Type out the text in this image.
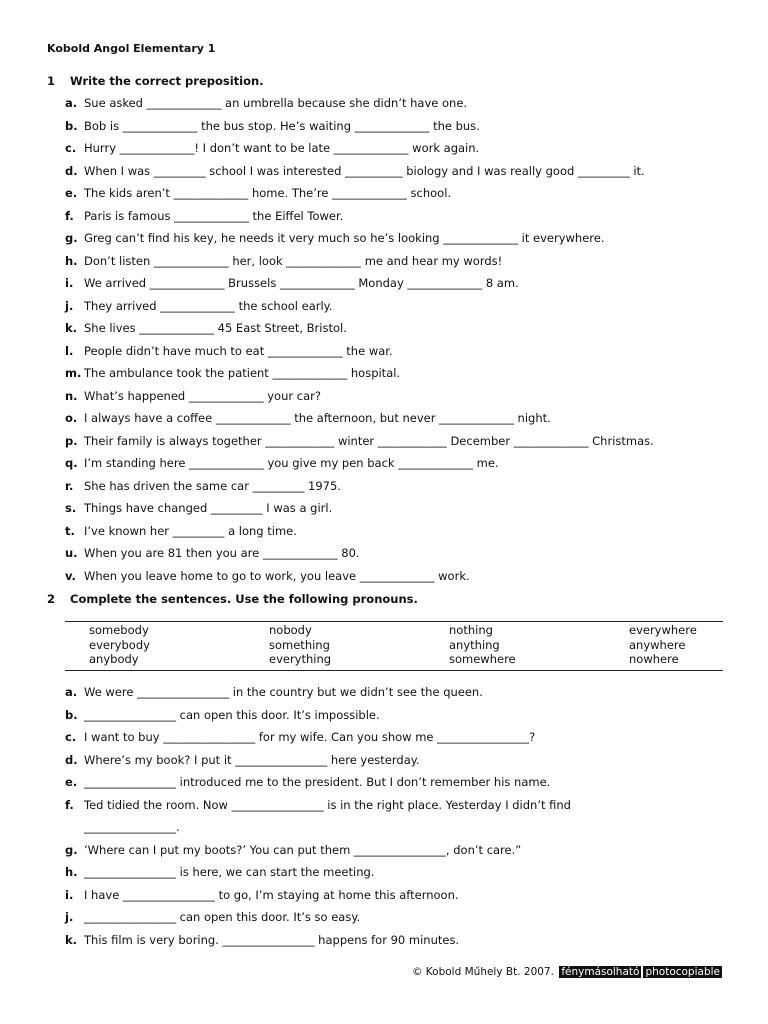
Kobold Angol Elementary 1
1 Write the correct preposition.
a. Sue asked _____________ an umbrella because she didn’t have one.
b. Bob is _____________ the bus stop. He’s waiting _____________ the bus.
c. Hurry _____________! I don’t want to be late _____________ work again.
d. When I was _________ school I was interested __________ biology and I was really good _________ it.
e. The kids aren’t _____________ home. The’re _____________ school.
f. Paris is famous _____________ the Eiffel Tower.
g. Greg can’t find his key, he needs it very much so he’s looking _____________ it everywhere.
h. Don’t listen _____________ her, look _____________ me and hear my words!
i. We arrived _____________ Brussels _____________ Monday _____________ 8 am.
j. They arrived _____________ the school early.
k. She lives _____________ 45 East Street, Bristol.
l. People didn’t have much to eat _____________ the war.
m. The ambulance took the patient _____________ hospital.
n. What’s happened _____________ your car?
o. I always have a coffee _____________ the afternoon, but never _____________ night.
p. Their family is always together ____________ winter ____________ December _____________ Christmas.
q. I’m standing here _____________ you give my pen back _____________ me.
r. She has driven the same car _________ 1975.
s. Things have changed _________ I was a girl.
t. I’ve known her _________ a long time.
u. When you are 81 then you are _____________ 80.
v. When you leave home to go to work, you leave _____________ work.
2 Complete the sentences. Use the following pronouns.
somebody	nobody	nothing	everywhere
everybody	something	anything	anywhere
anybody	everything	somewhere	nowhere
a. We were ________________ in the country but we didn’t see the queen.
b. ________________ can open this door. It’s impossible.
c. I want to buy ________________ for my wife. Can you show me ________________?
d. Where’s my book? I put it ________________ here yesterday.
e. ________________ introduced me to the president. But I don’t remember his name.
f. Ted tidied the room. Now ________________ is in the right place. Yesterday I didn’t find
________________.
g. ’Where can I put my boots?’ You can put them ________________, don’t care.”
h. ________________ is here, we can start the meeting.
i. I have ________________ to go, I’m staying at home this afternoon.
j. ________________ can open this door. It’s so easy.
k. This film is very boring. ________________ happens for 90 minutes.
© Kobold Műhely Bt. 2007. fénymásolható photocopiable
